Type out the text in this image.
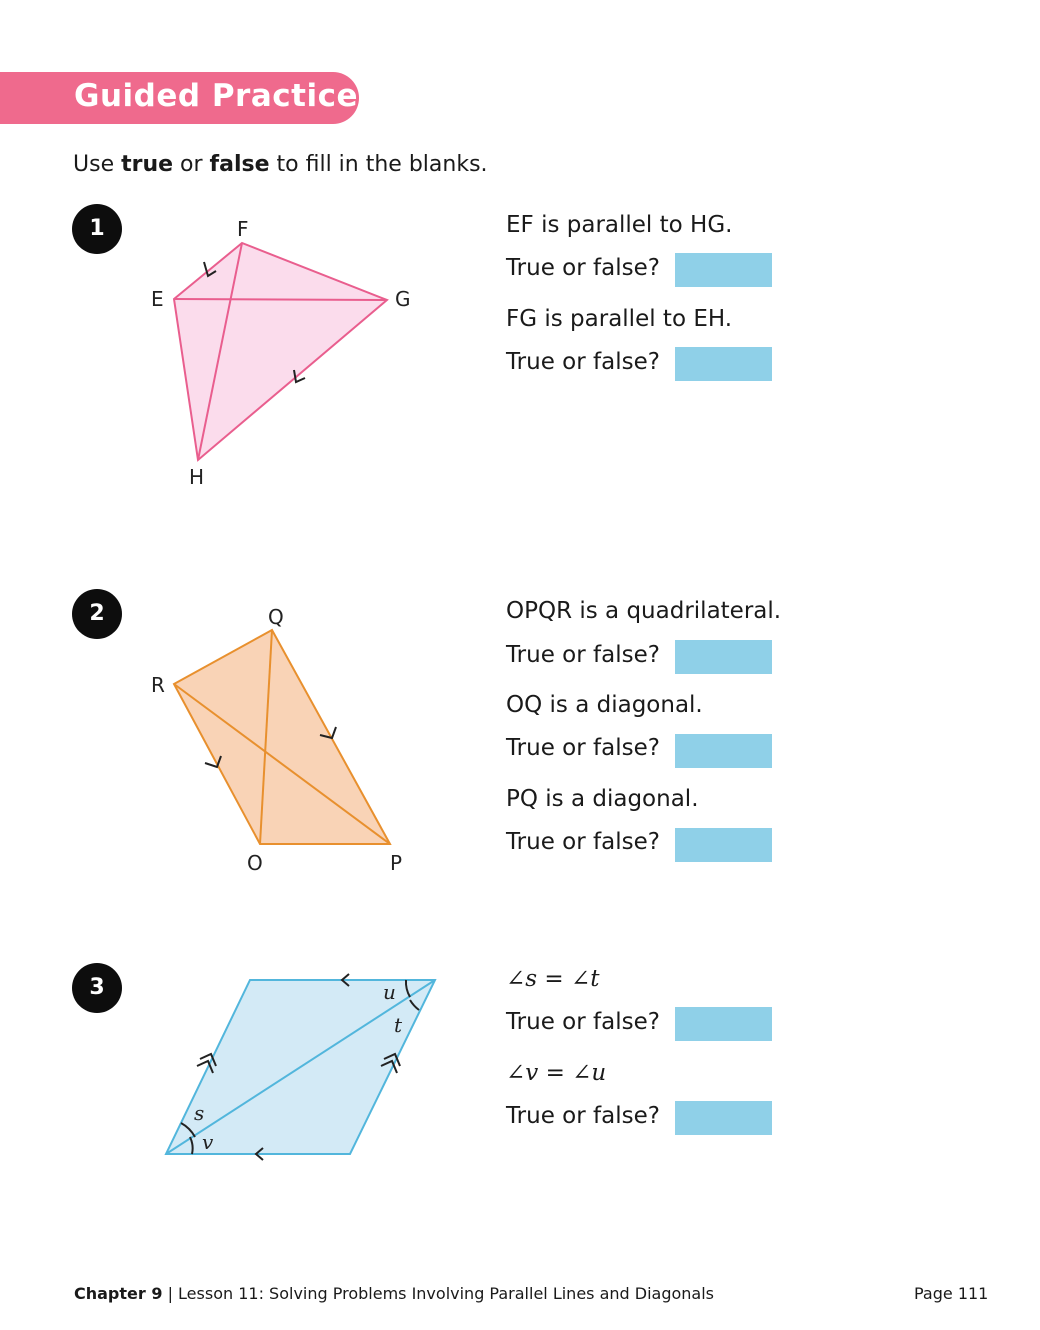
Guided Practice
Use true or false to fill in the blanks.
1
2
3
F
E	G
H
Q
R
O	P
u
t
s
v
EF is parallel to HG.
True or false?
FG is parallel to EH.
True or false?
OPQR is a quadrilateral.
True or false?
OQ is a diagonal.
True or false?
PQ is a diagonal.
True or false?
∠s = ∠t
True or false?
∠v = ∠u
True or false?
Chapter 9 | Lesson 11: Solving Problems Involving Parallel Lines and Diagonals	Page 111
